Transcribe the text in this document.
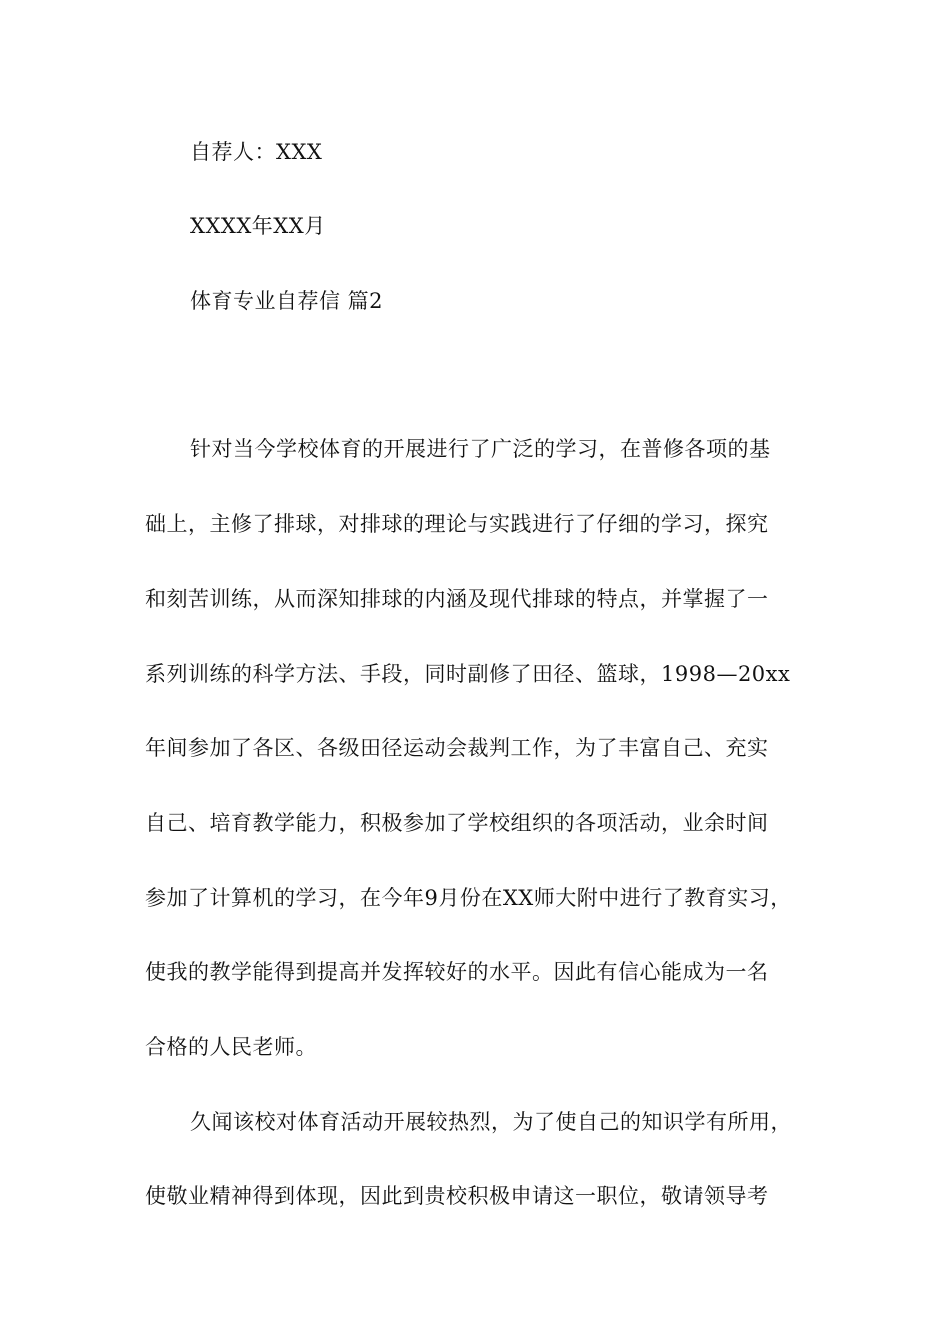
自荐人：XXX
XXXX年XX月
体育专业自荐信 篇2
针对当今学校体育的开展进行了广泛的学习，在普修各项的基
础上，主修了排球，对排球的理论与实践进行了仔细的学习，探究
和刻苦训练，从而深知排球的内涵及现代排球的特点，并掌握了一
系列训练的科学方法、手段，同时副修了田径、篮球，1998—20xx
年间参加了各区、各级田径运动会裁判工作，为了丰富自己、充实
自己、培育教学能力，积极参加了学校组织的各项活动，业余时间
参加了计算机的学习，在今年9月份在XX师大附中进行了教育实习，
使我的教学能得到提高并发挥较好的水平。因此有信心能成为一名
合格的人民老师。
久闻该校对体育活动开展较热烈，为了使自己的知识学有所用，
使敬业精神得到体现，因此到贵校积极申请这一职位，敬请领导考
